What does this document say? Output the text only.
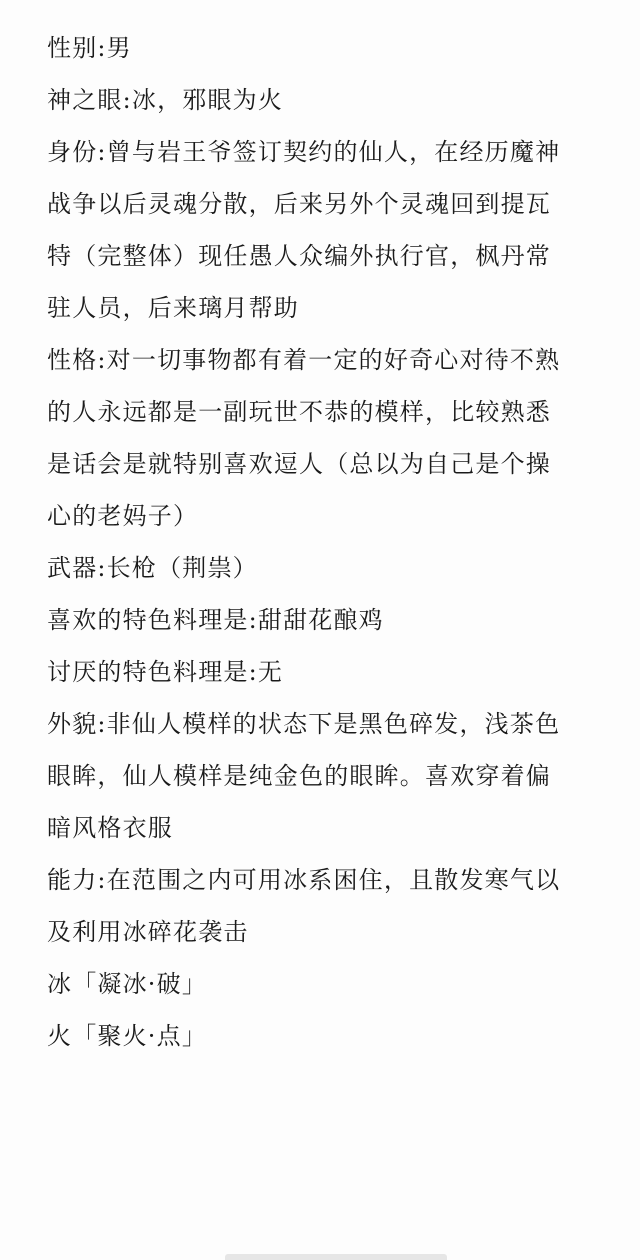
性别:男
神之眼:冰，邪眼为火
身份:曾与岩王爷签订契约的仙人，在经历魔神
战争以后灵魂分散，后来另外个灵魂回到提瓦
特（完整体）现任愚人众编外执行官，枫丹常
驻人员，后来璃月帮助
性格:对一切事物都有着一定的好奇心对待不熟
的人永远都是一副玩世不恭的模样，比较熟悉
是话会是就特别喜欢逗人（总以为自己是个操
心的老妈子）
武器:长枪（荆祟）
喜欢的特色料理是:甜甜花酿鸡
讨厌的特色料理是:无
外貌:非仙人模样的状态下是黑色碎发，浅茶色
眼眸，仙人模样是纯金色的眼眸。喜欢穿着偏
暗风格衣服
能力:在范围之内可用冰系困住，且散发寒气以
及利用冰碎花袭击
冰「凝冰·破」
火「聚火·点」
